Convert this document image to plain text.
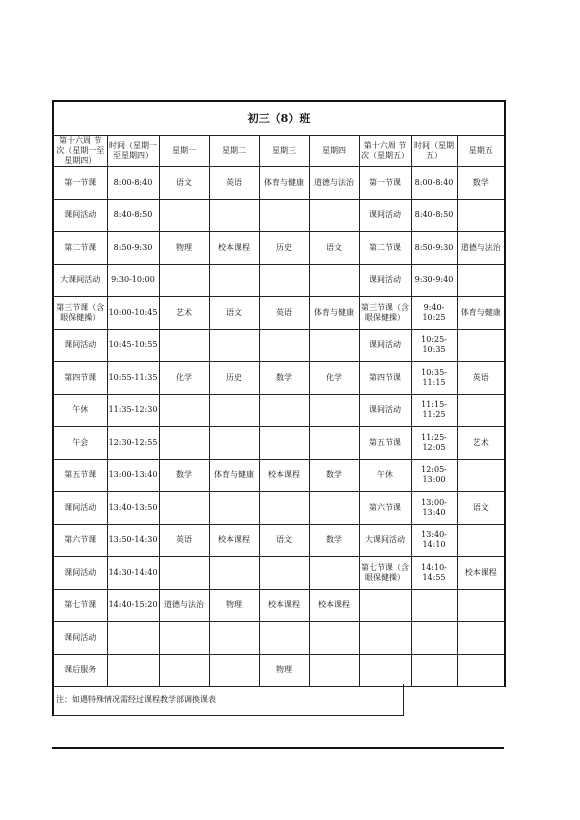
初三（8）班								
第十六周 节次（星期一至星期四）	时间（星期一至星期四）	星期一	星期二	星期三	星期四	第十六周 节次（星期五）	时间（星期五）	星期五
第一节课	8:00-8:40	语文	英语	体育与健康	道德与法治	第一节课	8:00-8:40	数学
课间活动	8:40-8:50					课间活动	8:40-8:50	
第二节课	8:50-9:30	物理	校本课程	历史	语文	第二节课	8:50-9:30	道德与法治
大课间活动	9:30-10:00					课间活动	9:30-9:40	
第三节课（含眼保健操）	10:00-10:45	艺术	语文	英语	体育与健康	第三节课（含眼保健操）	9:40-10:25	体育与健康
课间活动	10:45-10:55					课间活动	10:25-10:35	
第四节课	10:55-11:35	化学	历史	数学	化学	第四节课	10:35-11:15	英语
午休	11:35-12:30					课间活动	11:15-11:25	
午会	12:30-12:55					第五节课	11:25-12:05	艺术
第五节课	13:00-13:40	数学	体育与健康	校本课程	数学	午休	12:05-13:00	
课间活动	13:40-13:50					第六节课	13:00-13:40	语文
第六节课	13:50-14:30	英语	校本课程	语文	数学	大课间活动	13:40-14:10	
课间活动	14:30-14:40					第七节课（含眼保健操）	14:10-14:55	校本课程
第七节课	14:40-15:20	道德与法治	物理	校本课程	校本课程			
课间活动								
课后服务				物理				
注：如遇特殊情况需经过课程教学部调换课表
